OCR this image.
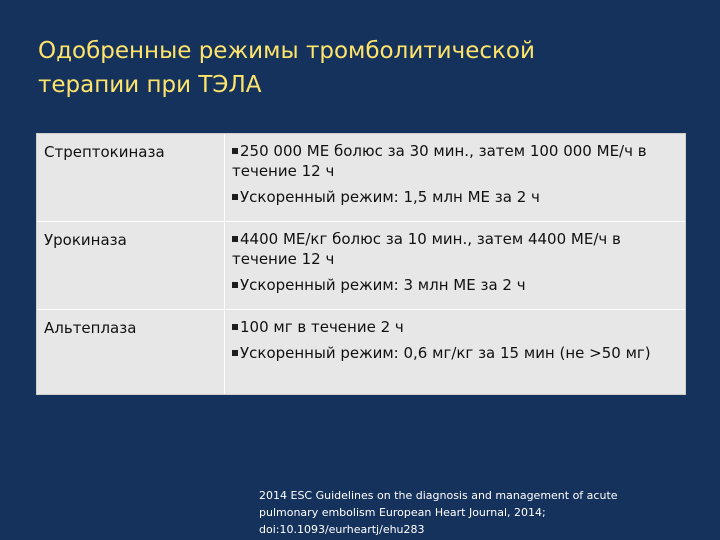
Одобренные режимы тромболитической
терапии при ТЭЛА
Стрептокиназа	250 000 МЕ болюс за 30 мин., затем 100 000 МЕ/ч в течение 12 ч
Ускоренный режим: 1,5 млн МЕ за 2 ч
Урокиназа	4400 МЕ/кг болюс за 10 мин., затем 4400 МЕ/ч в течение 12 ч
Ускоренный режим: 3 млн МЕ за 2 ч
Альтеплаза	100 мг в течение 2 ч
Ускоренный режим: 0,6 мг/кг за 15 мин (не >50 мг)
2014 ESC Guidelines on the diagnosis and management of acute
pulmonary embolism European Heart Journal, 2014;
doi:10.1093/eurheartj/ehu283
